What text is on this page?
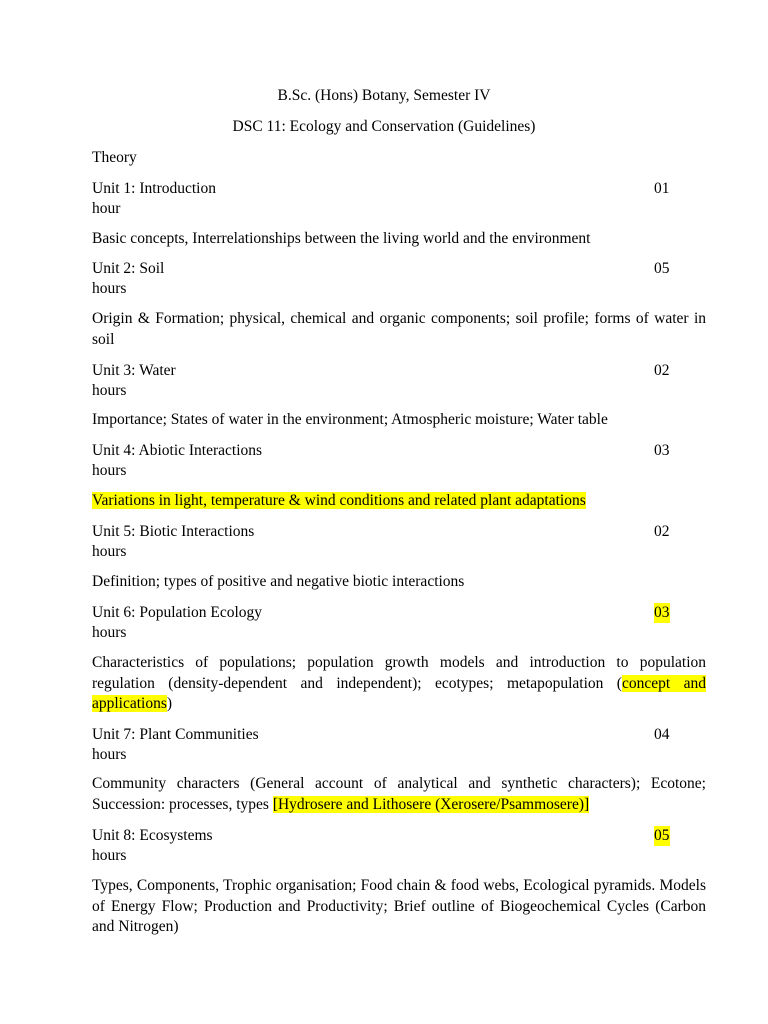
B.Sc. (Hons) Botany, Semester IV
DSC 11: Ecology and Conservation (Guidelines)
Theory
Unit 1: Introduction	01
hour
Basic concepts, Interrelationships between the living world and the environment
Unit 2: Soil	05
hours
Origin & Formation; physical, chemical and organic components; soil profile; forms of water in soil
Unit 3: Water	02
hours
Importance; States of water in the environment; Atmospheric moisture; Water table
Unit 4: Abiotic Interactions	03
hours
Variations in light, temperature & wind conditions and related plant adaptations
Unit 5: Biotic Interactions	02
hours
Definition; types of positive and negative biotic interactions
Unit 6: Population Ecology	03
hours
Characteristics of populations; population growth models and introduction to population regulation (density-dependent and independent); ecotypes; metapopulation (concept and applications)
Unit 7: Plant Communities	04
hours
Community characters (General account of analytical and synthetic characters); Ecotone; Succession: processes, types [Hydrosere and Lithosere (Xerosere/Psammosere)]
Unit 8: Ecosystems	05
hours
Types, Components, Trophic organisation; Food chain & food webs, Ecological pyramids. Models of Energy Flow; Production and Productivity; Brief outline of Biogeochemical Cycles (Carbon and Nitrogen)
